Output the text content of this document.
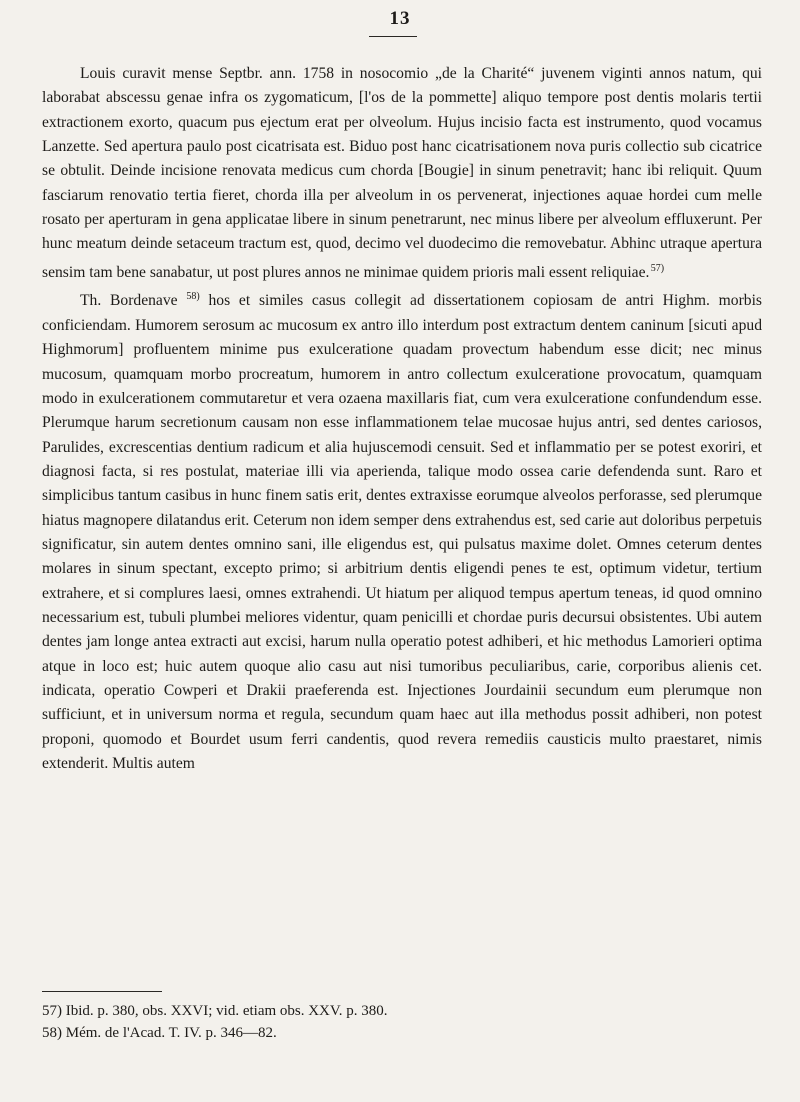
13

Louis curavit mense Septbr. ann. 1758 in nosocomio „de la Charité“ juvenem viginti annos natum, qui laborabat abscessu genae infra os zygomaticum, [l'os de la pommette] aliquo tempore post dentis molaris tertii extractionem exorto, quacum pus ejectum erat per olveolum. Hujus incisio facta est instrumento, quod vocamus Lanzette. Sed apertura paulo post cicatrisata est. Biduo post hanc cicatrisationem nova puris collectio sub cicatrice se obtulit. Deinde incisione renovata medicus cum chorda [Bougie] in sinum penetravit; hanc ibi reliquit. Quum fasciarum renovatio tertia fieret, chorda illa per alveolum in os pervenerat, injectiones aquae hordei cum melle rosato per aperturam in gena applicatae libere in sinum penetrarunt, nec minus libere per alveolum effluxerunt. Per hunc meatum deinde setaceum tractum est, quod, decimo vel duodecimo die removebatur. Abhinc utraque apertura sensim tam bene sanabatur, ut post plures annos ne minimae quidem prioris mali essent reliquiae. $^{57)}$

Th. Bordenave $^{58)}$ hos et similes casus collegit ad dissertationem copiosam de antri Highm. morbis conficiendam. Humorem serosum ac mucosum ex antro illo interdum post extractum dentem caninum [sicuti apud Highmorum] profluentem minime pus exulceratione quadam provectum habendum esse dicit; nec minus mucosum, quamquam morbo procreatum, humorem in antro collectum exulceratione provocatum, quamquam modo in exulcerationem commutaretur et vera ozaena maxillaris fiat, cum vera exulceratione confundendum esse. Plerumque harum secretionum causam non esse inflammationem telae mucosae hujus antri, sed dentes cariosos, Parulides, excrescentias dentium radicum et alia hujuscemodi censuit. Sed et inflammatio per se potest exoriri, et diagnosi facta, si res postulat, materiae illi via aperienda, talique modo ossea carie defendenda sunt. Raro et simplicibus tantum casibus in hunc finem satis erit, dentes extraxisse eorumque alveolos perforasse, sed plerumque hiatus magnopere dilatandus erit. Ceterum non idem semper dens extrahendus est, sed carie aut doloribus perpetuis significatur, sin autem dentes omnino sani, ille eligendus est, qui pulsatus maxime dolet. Omnes ceterum dentes molares in sinum spectant, excepto primo; si arbitrium dentis eligendi penes te est, optimum videtur, tertium extrahere, et si complures laesi, omnes extrahendi. Ut hiatum per aliquod tempus apertum teneas, id quod omnino necessarium est, tubuli plumbei meliores videntur, quam penicilli et chordae puris decursui obsistentes. Ubi autem dentes jam longe antea extracti aut excisi, harum nulla operatio potest adhiberi, et hic methodus Lamorieri optima atque in loco est; huic autem quoque alio casu aut nisi tumoribus peculiaribus, carie, corporibus alienis cet. indicata, operatio Cowperi et Drakii praeferenda est. Injectiones Jourdainii secundum eum plerumque non sufficiunt, et in universum norma et regula, secundum quam haec aut illa methodus possit adhiberi, non potest proponi, quomodo et Bourdet usum ferri candentis, quod revera remediis causticis multo praestaret, nimis extenderit. Multis autem

57) Ibid. p. 380, obs. XXVI; vid. etiam obs. XXV. p. 380.
58) Mém. de l'Acad. T. IV. p. 346—82.
